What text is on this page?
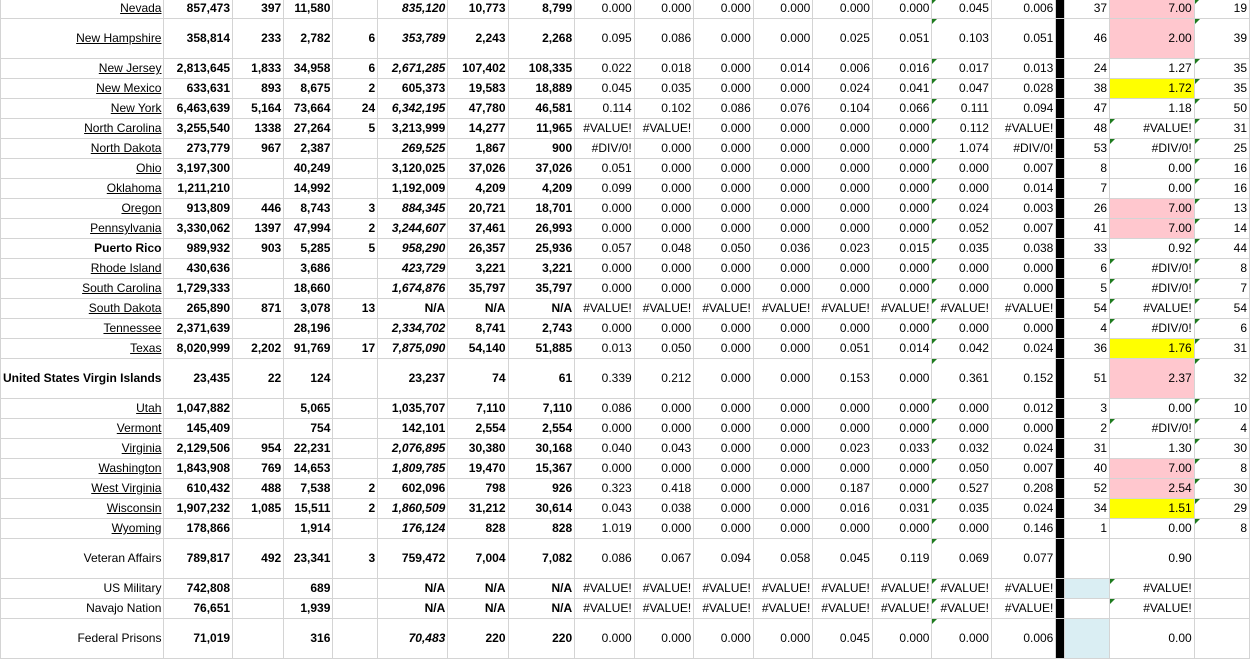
Nevada	857,473	397	11,580		835,120	10,773	8,799	0.000	0.000	0.000	0.000	0.000	0.000	0.045	0.006		37	7.00	19
New Hampshire	358,814	233	2,782	6	353,789	2,243	2,268	0.095	0.086	0.000	0.000	0.025	0.051	0.103	0.051		46	2.00	39
New Jersey	2,813,645	1,833	34,958	6	2,671,285	107,402	108,335	0.022	0.018	0.000	0.014	0.006	0.016	0.017	0.013		24	1.27	35
New Mexico	633,631	893	8,675	2	605,373	19,583	18,889	0.045	0.035	0.000	0.000	0.024	0.041	0.047	0.028		38	1.72	35
New York	6,463,639	5,164	73,664	24	6,342,195	47,780	46,581	0.114	0.102	0.086	0.076	0.104	0.066	0.111	0.094		47	1.18	50
North Carolina	3,255,540	1338	27,264	5	3,213,999	14,277	11,965	#VALUE!	#VALUE!	0.000	0.000	0.000	0.000	0.112	#VALUE!		48	#VALUE!	31
North Dakota	273,779	967	2,387		269,525	1,867	900	#DIV/0!	0.000	0.000	0.000	0.000	0.000	1.074	#DIV/0!		53	#DIV/0!	25
Ohio	3,197,300		40,249		3,120,025	37,026	37,026	0.051	0.000	0.000	0.000	0.000	0.000	0.000	0.007		8	0.00	16
Oklahoma	1,211,210		14,992		1,192,009	4,209	4,209	0.099	0.000	0.000	0.000	0.000	0.000	0.000	0.014		7	0.00	16
Oregon	913,809	446	8,743	3	884,345	20,721	18,701	0.000	0.000	0.000	0.000	0.000	0.000	0.024	0.003		26	7.00	13
Pennsylvania	3,330,062	1397	47,994	2	3,244,607	37,461	26,993	0.000	0.000	0.000	0.000	0.000	0.000	0.052	0.007		41	7.00	14
Puerto Rico	989,932	903	5,285	5	958,290	26,357	25,936	0.057	0.048	0.050	0.036	0.023	0.015	0.035	0.038		33	0.92	44
Rhode Island	430,636		3,686		423,729	3,221	3,221	0.000	0.000	0.000	0.000	0.000	0.000	0.000	0.000		6	#DIV/0!	8
South Carolina	1,729,333		18,660		1,674,876	35,797	35,797	0.000	0.000	0.000	0.000	0.000	0.000	0.000	0.000		5	#DIV/0!	7
South Dakota	265,890	871	3,078	13	N/A	N/A	N/A	#VALUE!	#VALUE!	#VALUE!	#VALUE!	#VALUE!	#VALUE!	#VALUE!	#VALUE!		54	#VALUE!	54
Tennessee	2,371,639		28,196		2,334,702	8,741	2,743	0.000	0.000	0.000	0.000	0.000	0.000	0.000	0.000		4	#DIV/0!	6
Texas	8,020,999	2,202	91,769	17	7,875,090	54,140	51,885	0.013	0.050	0.000	0.000	0.051	0.014	0.042	0.024		36	1.76	31
United States Virgin Islands	23,435	22	124		23,237	74	61	0.339	0.212	0.000	0.000	0.153	0.000	0.361	0.152		51	2.37	32
Utah	1,047,882		5,065		1,035,707	7,110	7,110	0.086	0.000	0.000	0.000	0.000	0.000	0.000	0.012		3	0.00	10
Vermont	145,409		754		142,101	2,554	2,554	0.000	0.000	0.000	0.000	0.000	0.000	0.000	0.000		2	#DIV/0!	4
Virginia	2,129,506	954	22,231		2,076,895	30,380	30,168	0.040	0.043	0.000	0.000	0.023	0.033	0.032	0.024		31	1.30	30
Washington	1,843,908	769	14,653		1,809,785	19,470	15,367	0.000	0.000	0.000	0.000	0.000	0.000	0.050	0.007		40	7.00	8
West Virginia	610,432	488	7,538	2	602,096	798	926	0.323	0.418	0.000	0.000	0.187	0.000	0.527	0.208		52	2.54	30
Wisconsin	1,907,232	1,085	15,511	2	1,860,509	31,212	30,614	0.043	0.038	0.000	0.000	0.016	0.031	0.035	0.024		34	1.51	29
Wyoming	178,866		1,914		176,124	828	828	1.019	0.000	0.000	0.000	0.000	0.000	0.000	0.146		1	0.00	8
Veteran Affairs	789,817	492	23,341	3	759,472	7,004	7,082	0.086	0.067	0.094	0.058	0.045	0.119	0.069	0.077			0.90	
US Military	742,808		689		N/A	N/A	N/A	#VALUE!	#VALUE!	#VALUE!	#VALUE!	#VALUE!	#VALUE!	#VALUE!	#VALUE!			#VALUE!	
Navajo Nation	76,651		1,939		N/A	N/A	N/A	#VALUE!	#VALUE!	#VALUE!	#VALUE!	#VALUE!	#VALUE!	#VALUE!	#VALUE!			#VALUE!	
Federal Prisons	71,019		316		70,483	220	220	0.000	0.000	0.000	0.000	0.045	0.000	0.000	0.006			0.00	
